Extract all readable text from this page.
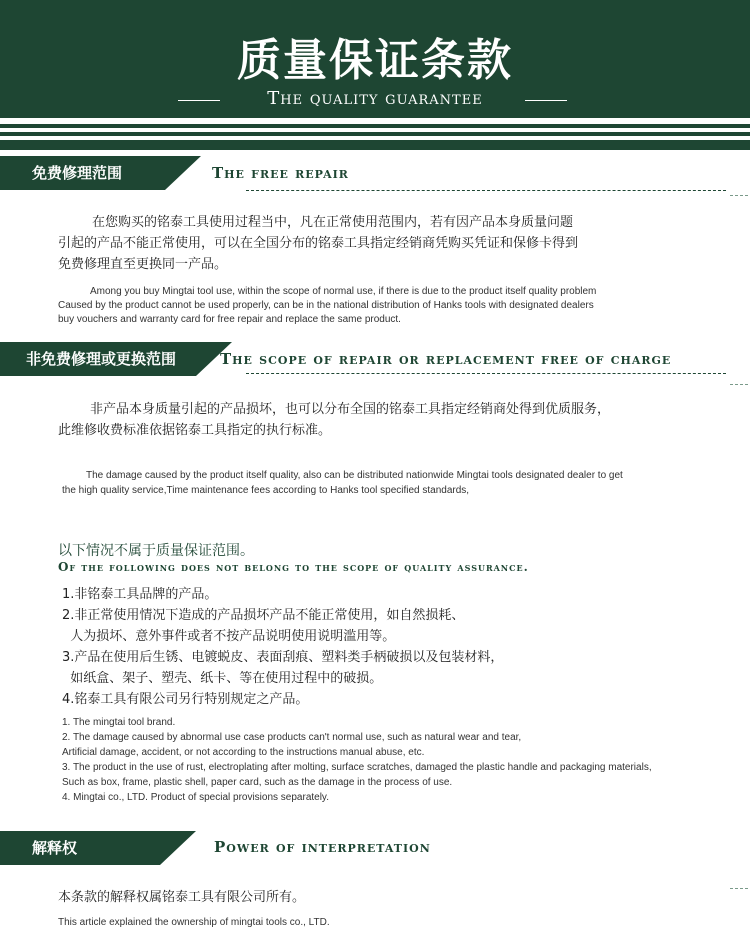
质量保证条款
The quality guarantee
免费修理范围	The free repair
在您购买的铭泰工具使用过程当中，凡在正常使用范围内，若有因产品本身质量问题
引起的产品不能正常使用，可以在全国分布的铭泰工具指定经销商凭购买凭证和保修卡得到
免费修理直至更换同一产品。
Among you buy Mingtai tool use, within the scope of normal use, if there is due to the product itself quality problem
Caused by the product cannot be used properly, can be in the national distribution of Hanks tools with designated dealers
buy vouchers and warranty card for free repair and replace the same product.
非免费修理或更换范围	The scope of repair or replacement free of charge
非产品本身质量引起的产品损坏，也可以分布全国的铭泰工具指定经销商处得到优质服务，
此维修收费标准依据铭泰工具指定的执行标准。
The damage caused by the product itself quality, also can be distributed nationwide Mingtai tools designated dealer to get
the high quality service,Time maintenance fees according to Hanks tool specified standards,
以下情况不属于质量保证范围。
Of the following does not belong to the scope of quality assurance.
1.非铭泰工具品牌的产品。
2.非正常使用情况下造成的产品损坏产品不能正常使用，如自然损耗、
人为损坏、意外事件或者不按产品说明使用说明滥用等。
3.产品在使用后生锈、电镀蜕皮、表面刮痕、塑料类手柄破损以及包装材料，
如纸盒、架子、塑壳、纸卡、等在使用过程中的破损。
4.铭泰工具有限公司另行特别规定之产品。
1. The mingtai tool brand.
2. The damage caused by abnormal use case products can't normal use, such as natural wear and tear,
Artificial damage, accident, or not according to the instructions manual abuse, etc.
3. The product in the use of rust, electroplating after molting, surface scratches, damaged the plastic handle and packaging materials,
Such as box, frame, plastic shell, paper card, such as the damage in the process of use.
4. Mingtai co., LTD. Product of special provisions separately.
解释权	Power of interpretation
本条款的解释权属铭泰工具有限公司所有。
This article explained the ownership of mingtai tools co., LTD.
